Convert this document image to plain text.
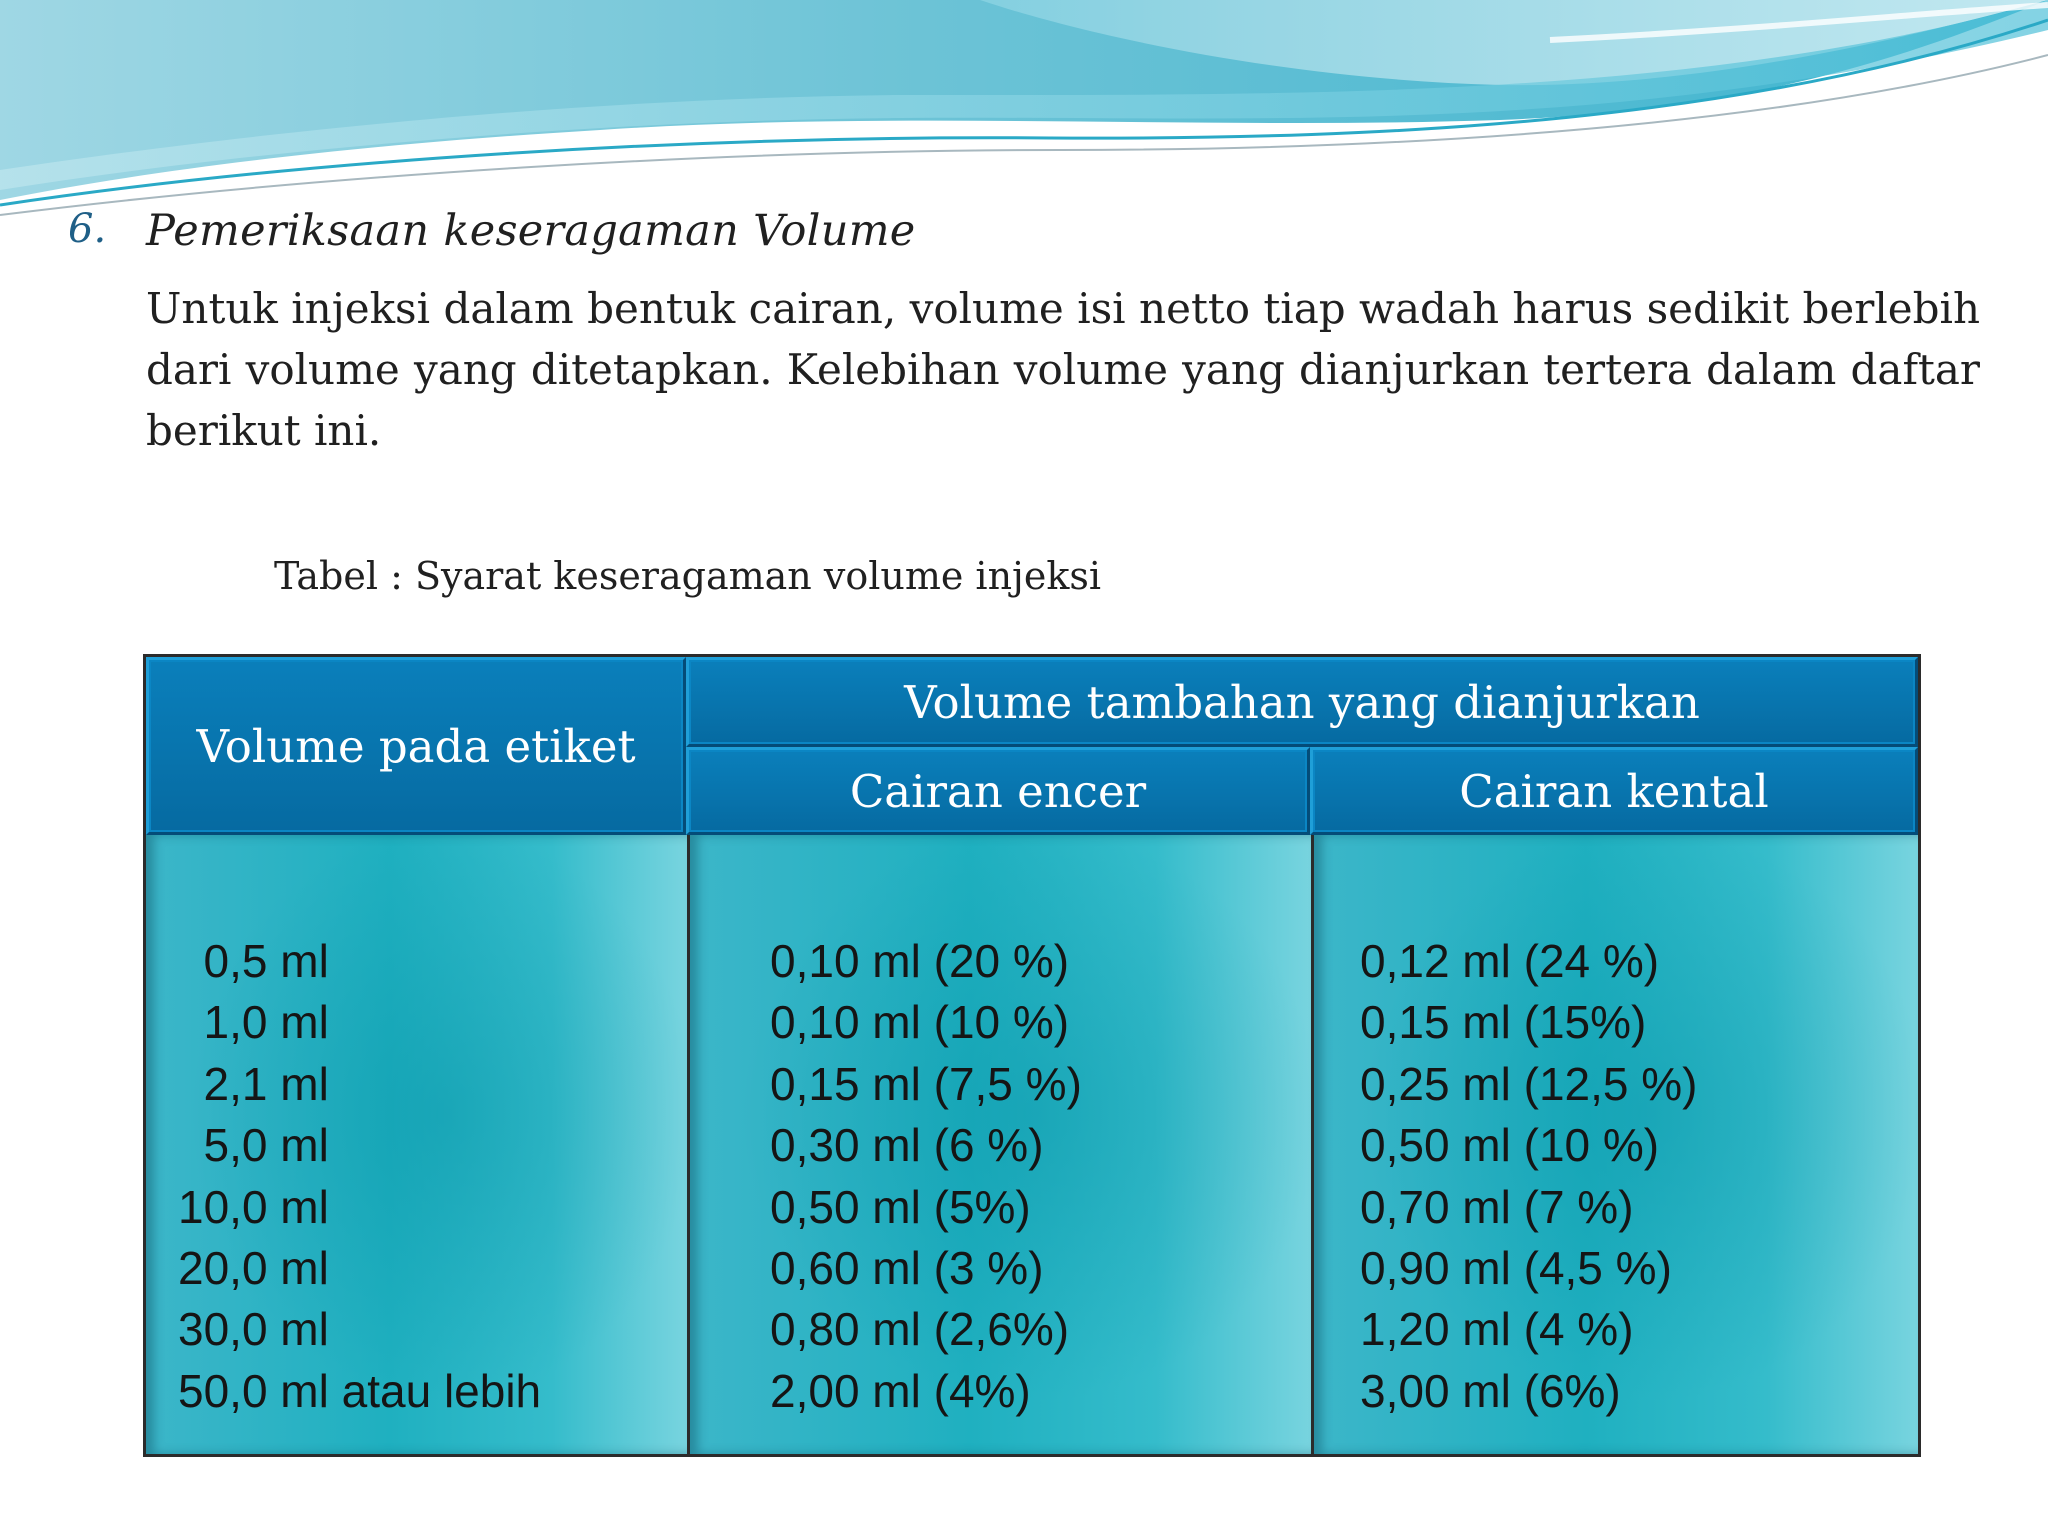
6. Pemeriksaan keseragaman Volume

Untuk injeksi dalam bentuk cairan, volume isi netto tiap wadah harus sedikit berlebih dari volume yang ditetapkan. Kelebihan volume yang dianjurkan tertera dalam daftar berikut ini.

Tabel : Syarat keseragaman volume injeksi
Volume pada etiket
Volume tambahan yang dianjurkan
Cairan encer	Cairan kental
0,5 ml
1,0 ml
2,1 ml
5,0 ml
10,0 ml
20,0 ml
30,0 ml
50,0 ml atau lebih
0,10 ml (20 %)
0,10 ml (10 %)
0,15 ml (7,5 %)
0,30 ml (6 %)
0,50 ml (5%)
0,60 ml (3 %)
0,80 ml (2,6%)
2,00 ml (4%)
0,12 ml (24 %)
0,15 ml (15%)
0,25 ml (12,5 %)
0,50 ml (10 %)
0,70 ml (7 %)
0,90 ml (4,5 %)
1,20 ml (4 %)
3,00 ml (6%)
